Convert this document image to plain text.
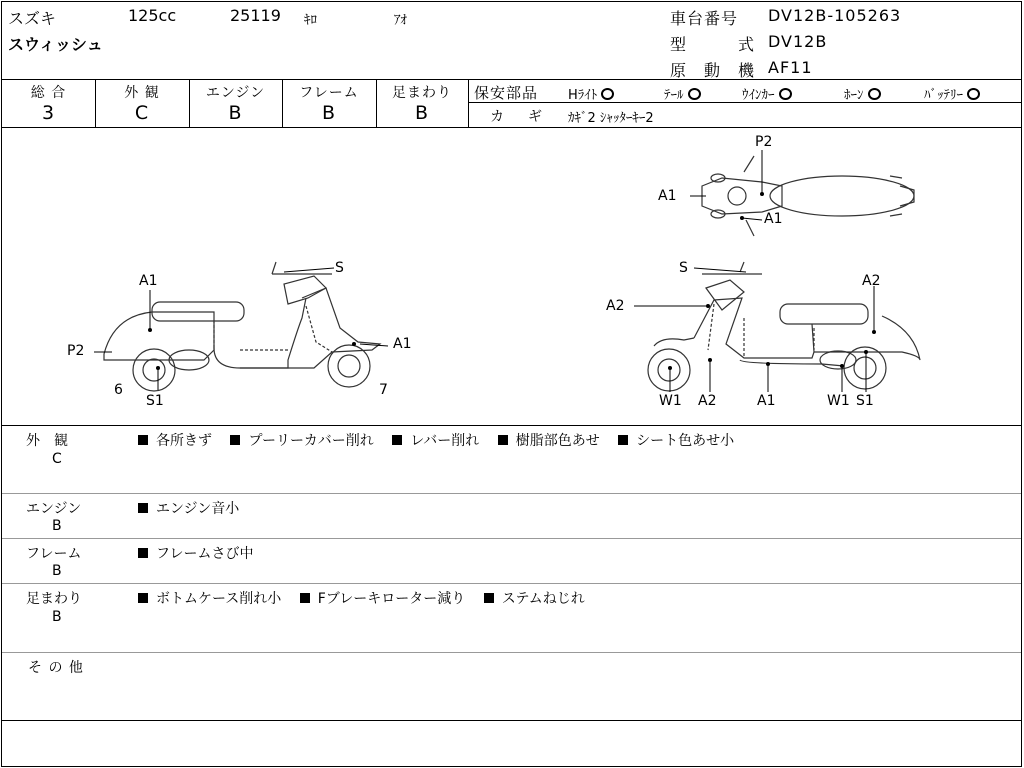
スズキ	125cc	25119 ｷﾛ	ｱｵ
スウィッシュ
車台番号 DV12B-105263
型	式 DV12B
原 動 機 AF11
総 合
3
外 観
C
エンジン
B
フレーム
B
足まわり
B
保安部品 Hﾗｲﾄ	ﾃｰﾙ	ｳｲﾝｶｰ	ﾎｰﾝ	ﾊﾞｯﾃﾘｰ
カ ギ ｶｷﾞ2 ｼｬｯﾀｰｷｰ2
S
A1
P2	A1
6
S1
7
P2
A1
A1
S
A2
A2
W1 A2	A1	W1 S1
外　観
C
各所きず	プーリーカバー削れ	レバー削れ	樹脂部色あせ	シート色あせ小
エンジン
B
エンジン音小
フレーム
B
フレームさび中
足まわり
B
ボトムケース削れ小	Fブレーキローター減り	ステムねじれ
そ の 他
